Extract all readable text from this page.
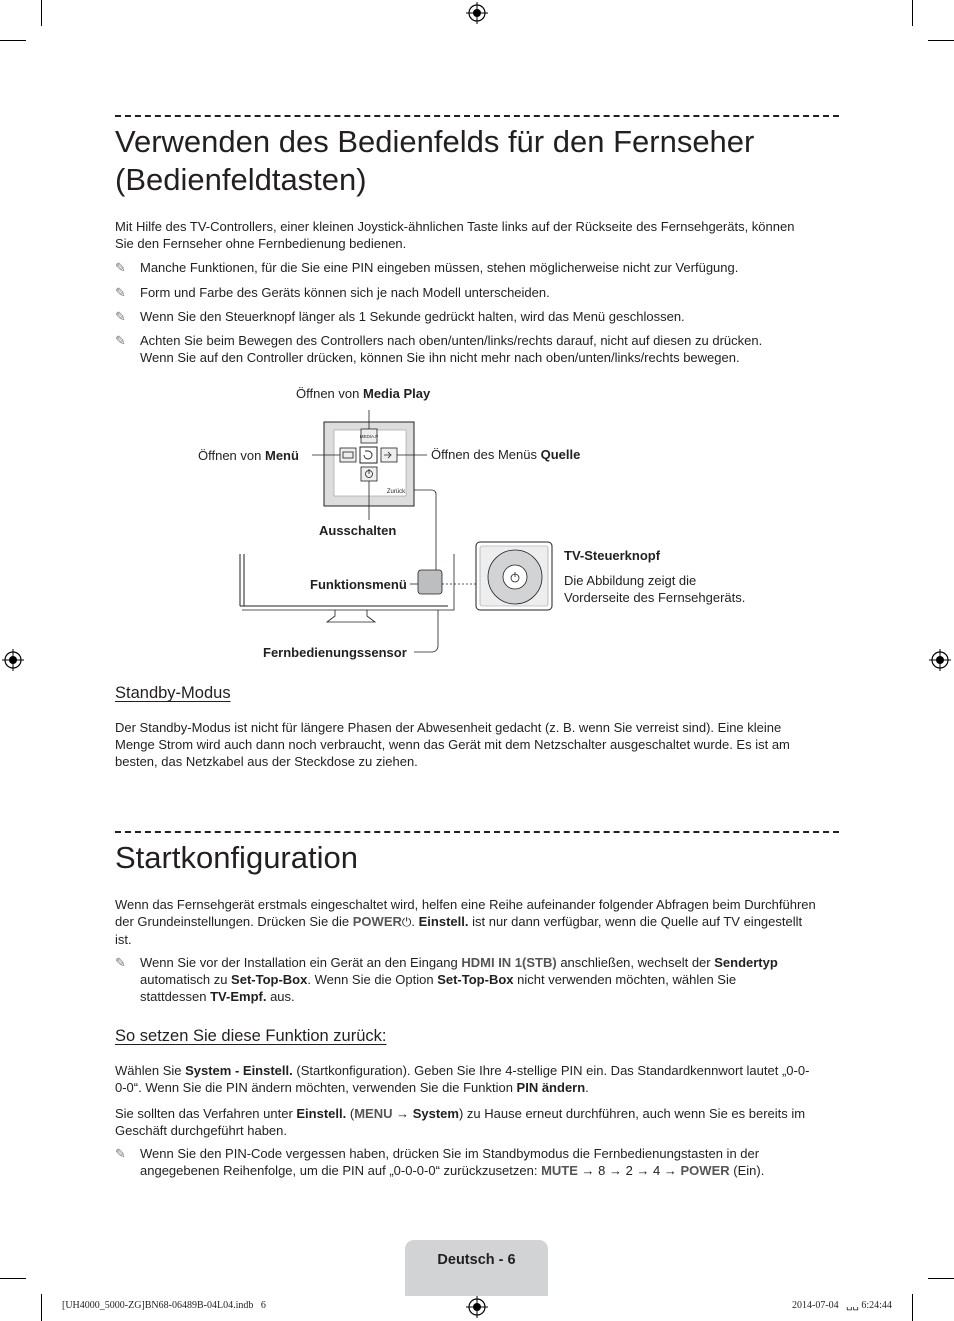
Verwenden des Bedienfelds für den Fernseher
(Bedienfeldtasten)
Mit Hilfe des TV-Controllers, einer kleinen Joystick-ähnlichen Taste links auf der Rückseite des Fernsehgeräts, können
Sie den Fernseher ohne Fernbedienung bedienen.
✎	Manche Funktionen, für die Sie eine PIN eingeben müssen, stehen möglicherweise nicht zur Verfügung.
✎	Form und Farbe des Geräts können sich je nach Modell unterscheiden.
✎	Wenn Sie den Steuerknopf länger als 1 Sekunde gedrückt halten, wird das Menü geschlossen.
✎	Achten Sie beim Bewegen des Controllers nach oben/unten/links/rechts darauf, nicht auf diesen zu drücken.
Wenn Sie auf den Controller drücken, können Sie ihn nicht mehr nach oben/unten/links/rechts bewegen.
MEDIA.P
Zurück
Öffnen von Media Play
Öffnen von Menü	Öffnen des Menüs Quelle
Ausschalten
Funktionsmenü
Fernbedienungssensor
TV-Steuerknopf
Die Abbildung zeigt die
Vorderseite des Fernsehgeräts.
Standby-Modus
Der Standby-Modus ist nicht für längere Phasen der Abwesenheit gedacht (z. B. wenn Sie verreist sind). Eine kleine
Menge Strom wird auch dann noch verbraucht, wenn das Gerät mit dem Netzschalter ausgeschaltet wurde. Es ist am
besten, das Netzkabel aus der Steckdose zu ziehen.
Startkonfiguration
Wenn das Fernsehgerät erstmals eingeschaltet wird, helfen eine Reihe aufeinander folgender Abfragen beim Durchführen
der Grundeinstellungen. Drücken Sie die POWER⏻. Einstell. ist nur dann verfügbar, wenn die Quelle auf TV eingestellt
ist.
✎	Wenn Sie vor der Installation ein Gerät an den Eingang HDMI IN 1(STB) anschließen, wechselt der Sendertyp
automatisch zu Set-Top-Box. Wenn Sie die Option Set-Top-Box nicht verwenden möchten, wählen Sie
stattdessen TV-Empf. aus.
So setzen Sie diese Funktion zurück:
Wählen Sie System - Einstell. (Startkonfiguration). Geben Sie Ihre 4-stellige PIN ein. Das Standardkennwort lautet „0-0-
0-0“. Wenn Sie die PIN ändern möchten, verwenden Sie die Funktion PIN ändern.
Sie sollten das Verfahren unter Einstell. (MENU → System) zu Hause erneut durchführen, auch wenn Sie es bereits im
Geschäft durchgeführt haben.
✎	Wenn Sie den PIN-Code vergessen haben, drücken Sie im Standbymodus die Fernbedienungstasten in der
angegebenen Reihenfolge, um die PIN auf „0-0-0-0“ zurückzusetzen: MUTE → 8 → 2 → 4 → POWER (Ein).
Deutsch - 6
[UH4000_5000-ZG]BN68-06489B-04L04.indb   6	2014-07-04   ␣␣ 6:24:44
